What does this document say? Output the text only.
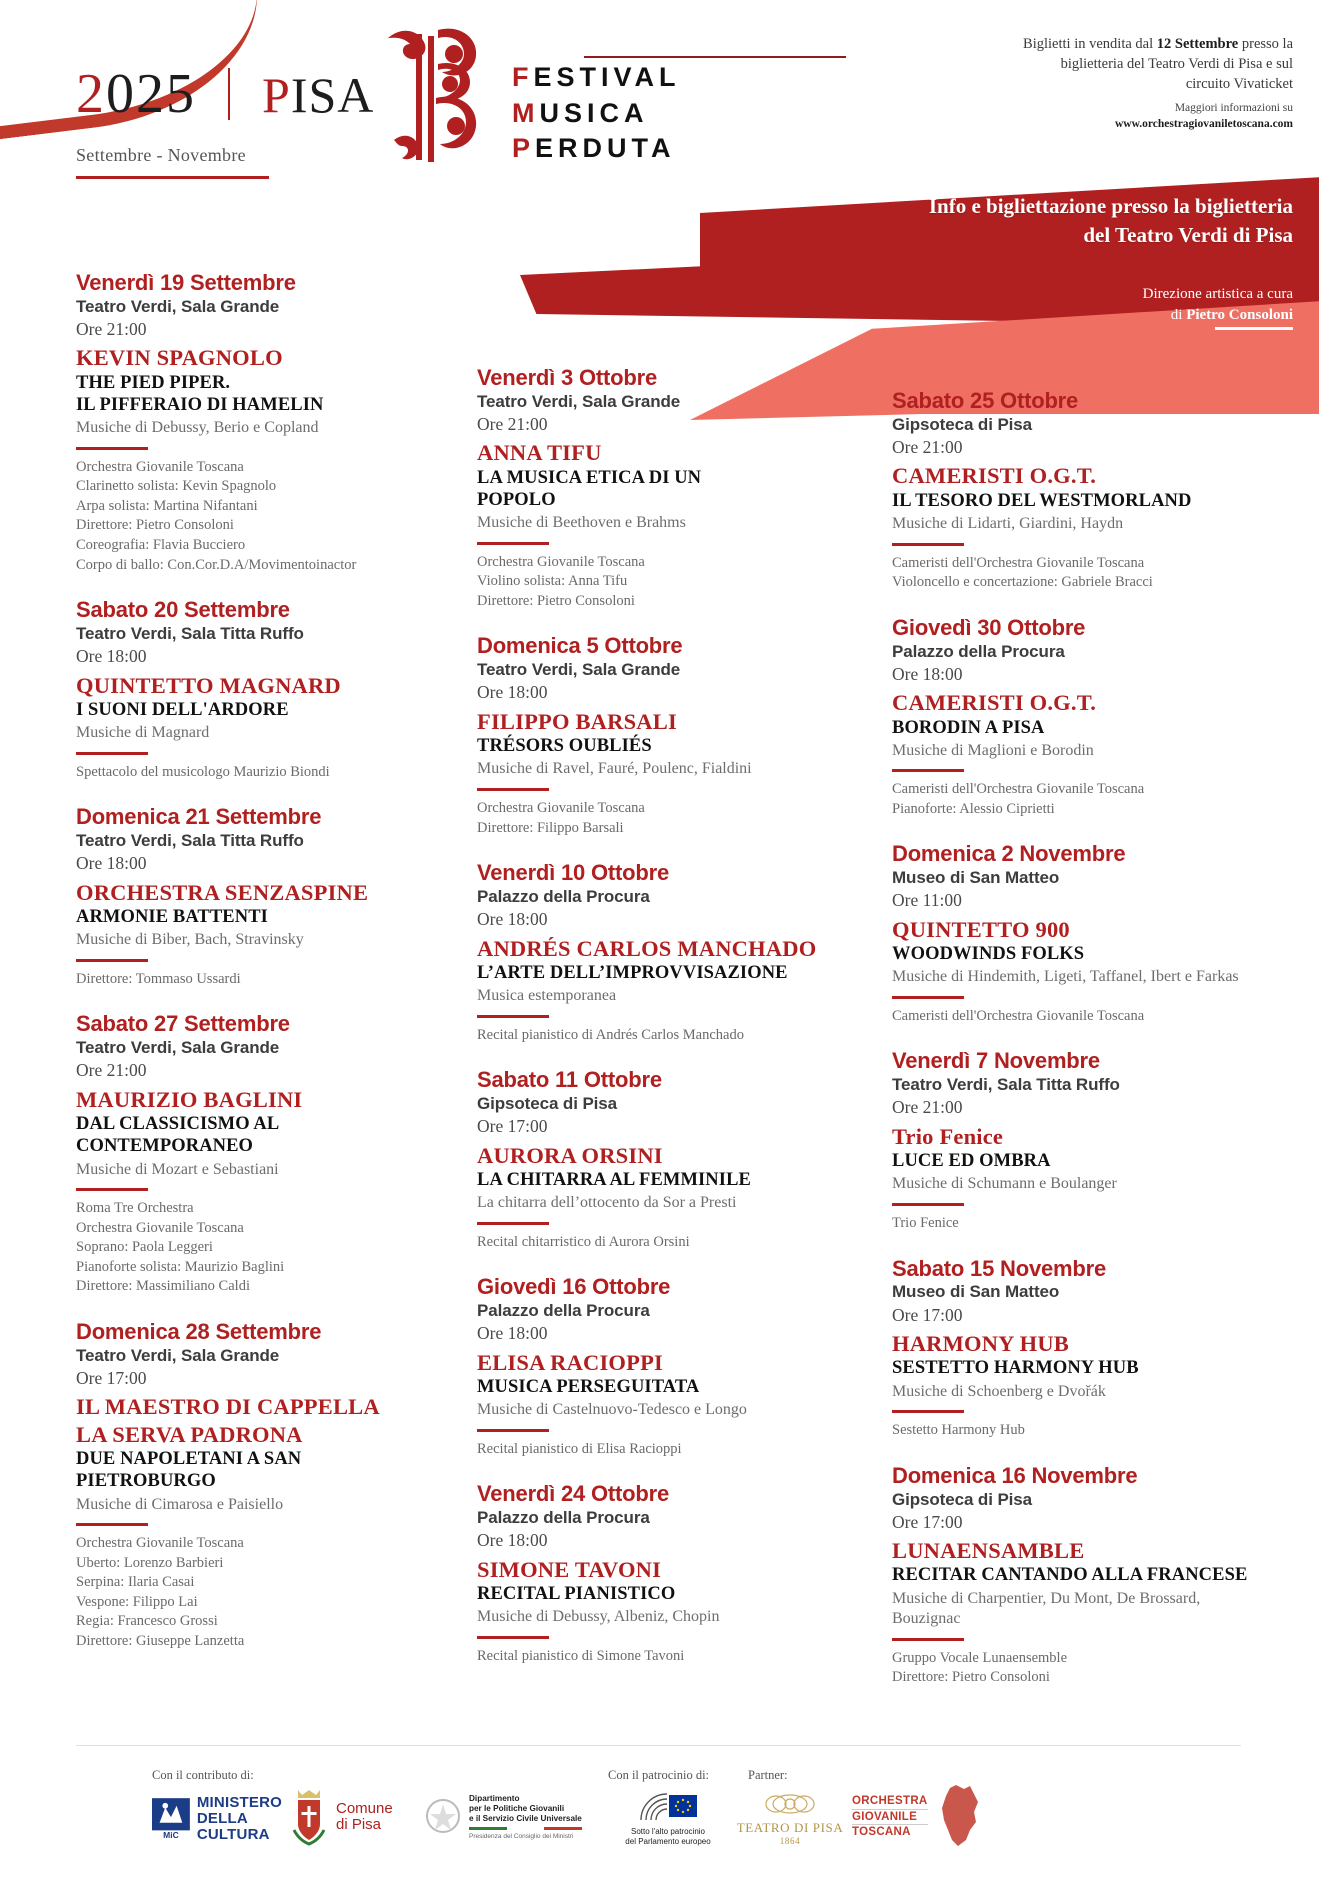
2025 PISA
Settembre - Novembre
FESTIVAL
MUSICA
PERDUTA
Biglietti in vendita dal 12 Settembre presso la
biglietteria del Teatro Verdi di Pisa e sul
circuito Vivaticket
Maggiori informazioni su
www.orchestragiovaniletoscana.com
Info e bigliettazione presso la biglietteria
del Teatro Verdi di Pisa
Direzione artistica a cura
di Pietro Consoloni
Venerdì 19 Settembre
Teatro Verdi, Sala Grande
Ore 21:00
KEVIN SPAGNOLO
THE PIED PIPER.
IL PIFFERAIO DI HAMELIN
Musiche di Debussy, Berio e Copland
Orchestra Giovanile Toscana
Clarinetto solista: Kevin Spagnolo
Arpa solista: Martina Nifantani
Direttore: Pietro Consoloni
Coreografia: Flavia Bucciero
Corpo di ballo: Con.Cor.D.A/Movimentoinactor
Sabato 20 Settembre
Teatro Verdi, Sala Titta Ruffo
Ore 18:00
QUINTETTO MAGNARD
I SUONI DELL'ARDORE
Musiche di Magnard
Spettacolo del musicologo Maurizio Biondi
Domenica 21 Settembre
Teatro Verdi, Sala Titta Ruffo
Ore 18:00
ORCHESTRA SENZASPINE
ARMONIE BATTENTI
Musiche di Biber, Bach, Stravinsky
Direttore: Tommaso Ussardi
Sabato 27 Settembre
Teatro Verdi, Sala Grande
Ore 21:00
MAURIZIO BAGLINI
DAL CLASSICISMO AL
CONTEMPORANEO
Musiche di Mozart e Sebastiani
Roma Tre Orchestra
Orchestra Giovanile Toscana
Soprano: Paola Leggeri
Pianoforte solista: Maurizio Baglini
Direttore: Massimiliano Caldi
Domenica 28 Settembre
Teatro Verdi, Sala Grande
Ore 17:00
IL MAESTRO DI CAPPELLA
LA SERVA PADRONA
DUE NAPOLETANI A SAN
PIETROBURGO
Musiche di Cimarosa e Paisiello
Orchestra Giovanile Toscana
Uberto: Lorenzo Barbieri
Serpina: Ilaria Casai
Vespone: Filippo Lai
Regia: Francesco Grossi
Direttore: Giuseppe Lanzetta
Venerdì 3 Ottobre
Teatro Verdi, Sala Grande
Ore 21:00
ANNA TIFU
LA MUSICA ETICA DI UN
POPOLO
Musiche di Beethoven e Brahms
Orchestra Giovanile Toscana
Violino solista: Anna Tifu
Direttore: Pietro Consoloni
Domenica 5 Ottobre
Teatro Verdi, Sala Grande
Ore 18:00
FILIPPO BARSALI
TRÉSORS OUBLIÉS
Musiche di Ravel, Fauré, Poulenc, Fialdini
Orchestra Giovanile Toscana
Direttore: Filippo Barsali
Venerdì 10 Ottobre
Palazzo della Procura
Ore 18:00
ANDRÉS CARLOS MANCHADO
L’ARTE DELL’IMPROVVISAZIONE
Musica estemporanea
Recital pianistico di Andrés Carlos Manchado
Sabato 11 Ottobre
Gipsoteca di Pisa
Ore 17:00
AURORA ORSINI
LA CHITARRA AL FEMMINILE
La chitarra dell’ottocento da Sor a Presti
Recital chitarristico di Aurora Orsini
Giovedì 16 Ottobre
Palazzo della Procura
Ore 18:00
ELISA RACIOPPI
MUSICA PERSEGUITATA
Musiche di Castelnuovo-Tedesco e Longo
Recital pianistico di Elisa Racioppi
Venerdì 24 Ottobre
Palazzo della Procura
Ore 18:00
SIMONE TAVONI
RECITAL PIANISTICO
Musiche di Debussy, Albeniz, Chopin
Recital pianistico di Simone Tavoni
Sabato 25 Ottobre
Gipsoteca di Pisa
Ore 21:00
CAMERISTI O.G.T.
IL TESORO DEL WESTMORLAND
Musiche di Lidarti, Giardini, Haydn
Cameristi dell'Orchestra Giovanile Toscana
Violoncello e concertazione: Gabriele Bracci
Giovedì 30 Ottobre
Palazzo della Procura
Ore 18:00
CAMERISTI O.G.T.
BORODIN A PISA
Musiche di Maglioni e Borodin
Cameristi dell'Orchestra Giovanile Toscana
Pianoforte: Alessio Ciprietti
Domenica 2 Novembre
Museo di San Matteo
Ore 11:00
QUINTETTO 900
WOODWINDS FOLKS
Musiche di Hindemith, Ligeti, Taffanel, Ibert e Farkas
Cameristi dell'Orchestra Giovanile Toscana
Venerdì 7 Novembre
Teatro Verdi, Sala Titta Ruffo
Ore 21:00
Trio Fenice
LUCE ED OMBRA
Musiche di Schumann e Boulanger
Trio Fenice
Sabato 15 Novembre
Museo di San Matteo
Ore 17:00
HARMONY HUB
SESTETTO HARMONY HUB
Musiche di Schoenberg e Dvořák
Sestetto Harmony Hub
Domenica 16 Novembre
Gipsoteca di Pisa
Ore 17:00
LUNAENSAMBLE
RECITAR CANTANDO ALLA FRANCESE
Musiche di Charpentier, Du Mont, De Brossard, Bouzignac
Gruppo Vocale Lunaensemble
Direttore: Pietro Consoloni
Con il contributo di:	Con il patrocinio di:	Partner:
MiC
MINISTERO
DELLA
CULTURA
Comune
di Pisa
Dipartimento
per le Politiche Giovanili
e il Servizio Civile Universale
Presidenza del Consiglio dei Ministri
Sotto l'alto patrocinio
del Parlamento europeo
TEATRO DI PISA
1864
ORCHESTRA
GIOVANILE
TOSCANA
